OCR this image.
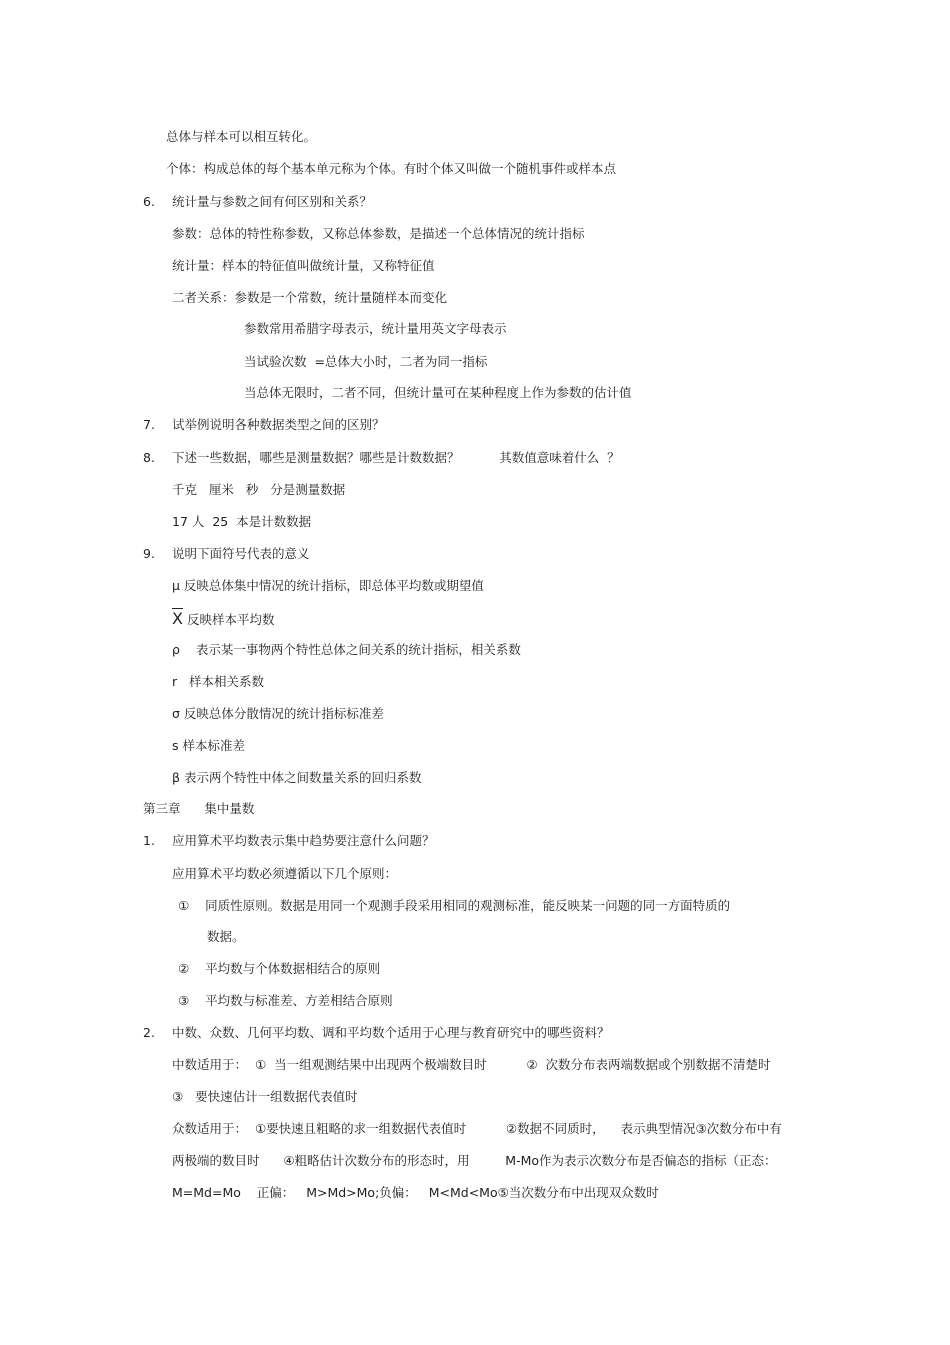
总体与样本可以相互转化。
个体：构成总体的每个基本单元称为个体。有时个体又叫做一个随机事件或样本点
6. 统计量与参数之间有何区别和关系？
参数：总体的特性称参数，又称总体参数，是描述一个总体情况的统计指标
统计量：样本的特征值叫做统计量，又称特征值
二者关系：参数是一个常数，统计量随样本而变化
参数常用希腊字母表示，统计量用英文字母表示
当试验次数  =总体大小时，二者为同一指标
当总体无限时，二者不同，但统计量可在某种程度上作为参数的估计值
7. 试举例说明各种数据类型之间的区别？
8. 下述一些数据，哪些是测量数据？哪些是计数数据？          其数值意味着什么  ？
千克   厘米   秒   分是测量数据
17 人  25  本是计数数据
9. 说明下面符号代表的意义
μ 反映总体集中情况的统计指标，即总体平均数或期望值
X 反映样本平均数
ρ    表示某一事物两个特性总体之间关系的统计指标，相关系数
r   样本相关系数
σ 反映总体分散情况的统计指标标准差
s 样本标准差
β 表示两个特性中体之间数量关系的回归系数
第三章      集中量数
1. 应用算术平均数表示集中趋势要注意什么问题？
应用算术平均数必须遵循以下几个原则：
①    同质性原则。数据是用同一个观测手段采用相同的观测标准，能反映某一问题的同一方面特质的
数据。
②    平均数与个体数据相结合的原则
③    平均数与标准差、方差相结合原则
2. 中数、众数、几何平均数、调和平均数个适用于心理与教育研究中的哪些资料？
中数适用于：  ①  当一组观测结果中出现两个极端数目时          ②  次数分布表两端数据或个别数据不清楚时
③   要快速估计一组数据代表值时
众数适用于：  ①要快速且粗略的求一组数据代表值时          ②数据不同质时，    表示典型情况③次数分布中有
两极端的数目时      ④粗略估计次数分布的形态时，用         M-Mo作为表示次数分布是否偏态的指标（正态：
M=Md=Mo    正偏：   M>Md>Mo;负偏：   M<Md<Mo⑤当次数分布中出现双众数时
